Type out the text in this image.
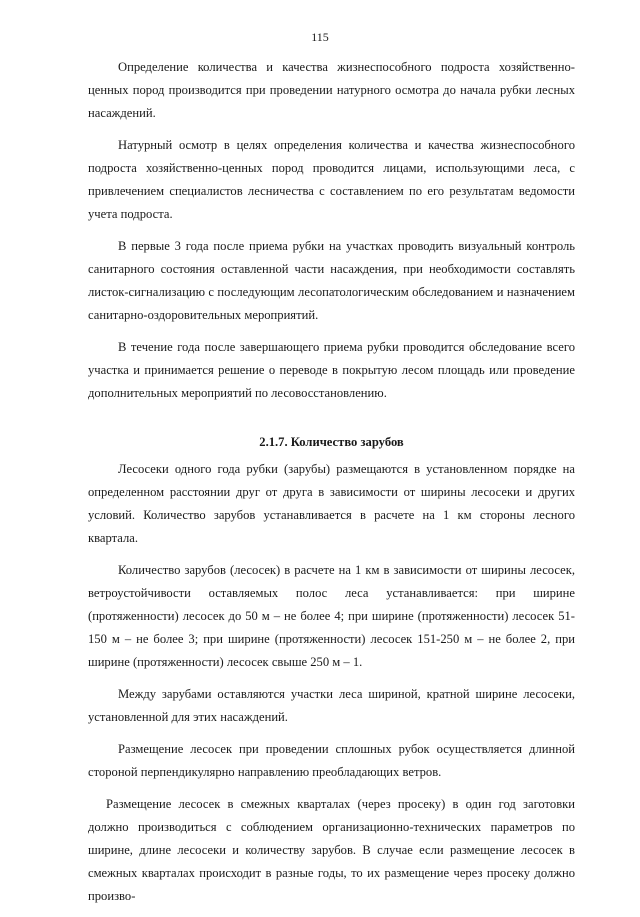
115

Определение количества и качества жизнеспособного подроста хозяйственно-ценных пород производится при проведении натурного осмотра до начала рубки лесных насаждений.

Натурный осмотр в целях определения количества и качества жизнеспособного подроста хозяйственно-ценных пород проводится лицами, использующими леса, с привлечением специалистов лесничества с составлением по его результатам ведомости учета подроста.

В первые 3 года после приема рубки на участках проводить визуальный контроль санитарного состояния оставленной части насаждения, при необходимости составлять листок-сигнализацию с последующим лесопатологическим обследованием и назначением санитарно-оздоровительных мероприятий.

В течение года после завершающего приема рубки проводится обследование всего участка и принимается решение о переводе в покрытую лесом площадь или проведение дополнительных мероприятий по лесовосстановлению.

2.1.7. Количество зарубов

Лесосеки одного года рубки (зарубы) размещаются в установленном порядке на определенном расстоянии друг от друга в зависимости от ширины лесосеки и других условий. Количество зарубов устанавливается в расчете на 1 км стороны лесного квартала.

Количество зарубов (лесосек) в расчете на 1 км в зависимости от ширины лесосек, ветроустойчивости оставляемых полос леса устанавливается: при ширине (протяженности) лесосек до 50 м – не более 4; при ширине (протяженности) лесосек 51-150 м – не более 3; при ширине (протяженности) лесосек 151-250 м – не более 2, при ширине (протяженности) лесосек свыше 250 м – 1.

Между зарубами оставляются участки леса шириной, кратной ширине лесосеки, установленной для этих насаждений.

Размещение лесосек при проведении сплошных рубок осуществляется длинной стороной перпендикулярно направлению преобладающих ветров.

Размещение лесосек в смежных кварталах (через просеку) в один год заготовки должно производиться с соблюдением организационно-технических параметров по ширине, длине лесосеки и количеству зарубов. В случае если размещение лесосек в смежных кварталах происходит в разные годы, то их размещение через просеку должно произво-
